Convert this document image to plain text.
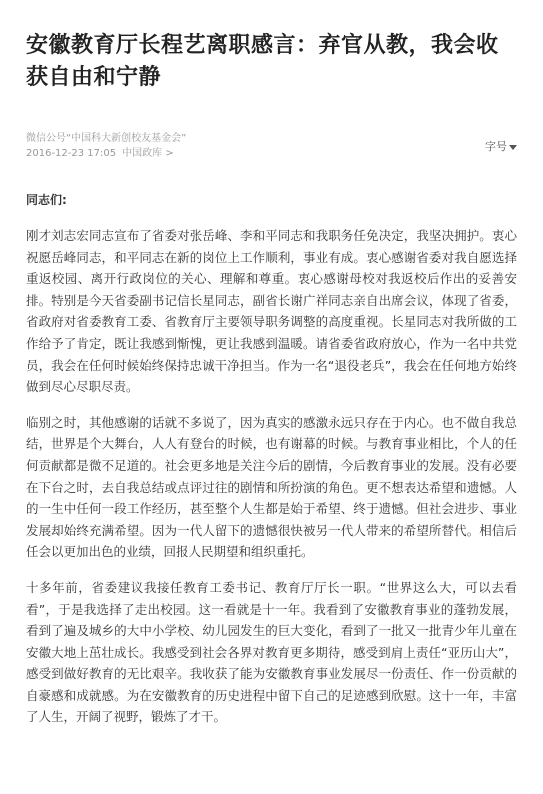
安徽教育厅长程艺离职感言：弃官从教，我会收获自由和宁静
微信公号“中国科大新创校友基金会”
2016-12-23 17:05 中国政库 >
字号
同志们:

刚才刘志宏同志宣布了省委对张岳峰、李和平同志和我职务任免决定，我坚决拥护。衷心祝愿岳峰同志，和平同志在新的岗位上工作顺利，事业有成。衷心感谢省委对我自愿选择重返校园、离开行政岗位的关心、理解和尊重。衷心感谢母校对我返校后作出的妥善安排。特别是今天省委副书记信长星同志，副省长谢广祥同志亲自出席会议，体现了省委，省政府对省委教育工委、省教育厅主要领导职务调整的高度重视。长星同志对我所做的工作给予了肯定，既让我感到惭愧，更让我感到温暖。请省委省政府放心，作为一名中共党员，我会在任何时候始终保持忠诚干净担当。作为一名“退役老兵”，我会在任何地方始终做到尽心尽职尽责。

临别之时，其他感谢的话就不多说了，因为真实的感激永远只存在于内心。也不做自我总结，世界是个大舞台，人人有登台的时候，也有谢幕的时候。与教育事业相比，个人的任何贡献都是微不足道的。社会更多地是关注今后的剧情，今后教育事业的发展。没有必要在下台之时，去自我总结或点评过往的剧情和所扮演的角色。更不想表达希望和遗憾。人的一生中任何一段工作经历，甚至整个人生都是始于希望、终于遗憾。但社会进步、事业发展却始终充满希望。因为一代人留下的遗憾很快被另一代人带来的希望所替代。相信后任会以更加出色的业绩，回报人民期望和组织重托。

十多年前，省委建议我接任教育工委书记、教育厅厅长一职。“世界这么大，可以去看看”，于是我选择了走出校园。这一看就是十一年。我看到了安徽教育事业的蓬勃发展，看到了遍及城乡的大中小学校、幼儿园发生的巨大变化，看到了一批又一批青少年儿童在安徽大地上茁壮成长。我感受到社会各界对教育更多期待，感受到肩上责任“亚历山大”，感受到做好教育的无比艰辛。我收获了能为安徽教育事业发展尽一份责任、作一份贡献的自豪感和成就感。为在安徽教育的历史进程中留下自己的足迹感到欣慰。这十一年，丰富了人生，开阔了视野，锻炼了才干。
